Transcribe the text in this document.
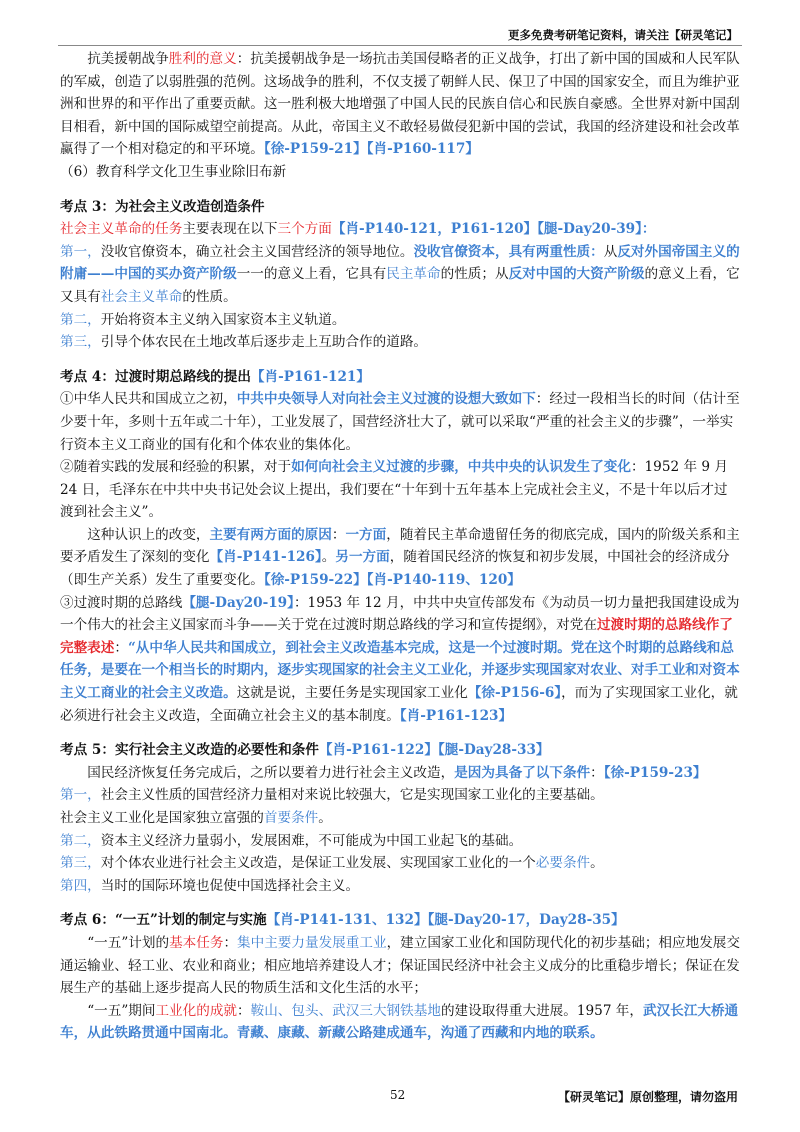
更多免费考研笔记资料，请关注【研灵笔记】

抗美援朝战争胜利的意义：抗美援朝战争是一场抗击美国侵略者的正义战争，打出了新中国的国威和人民军队的军威，创造了以弱胜强的范例。这场战争的胜利，不仅支援了朝鲜人民、保卫了中国的国家安全，而且为维护亚洲和世界的和平作出了重要贡献。这一胜利极大地增强了中国人民的民族自信心和民族自豪感。全世界对新中国刮目相看，新中国的国际威望空前提高。从此，帝国主义不敢轻易做侵犯新中国的尝试，我国的经济建设和社会改革赢得了一个相对稳定的和平环境。【徐-P159-21】【肖-P160-117】

（6）教育科学文化卫生事业除旧布新

考点 3：为社会主义改造创造条件

社会主义革命的任务主要表现在以下三个方面【肖-P140-121，P161-120】【腿-Day20-39】：

第一，没收官僚资本，确立社会主义国营经济的领导地位。没收官僚资本，具有两重性质：从反对外国帝国主义的附庸——中国的买办资产阶级一一的意义上看，它具有民主革命的性质；从反对中国的大资产阶级的意义上看，它又具有社会主义革命的性质。

第二，开始将资本主义纳入国家资本主义轨道。

第三，引导个体农民在土地改革后逐步走上互助合作的道路。

考点 4：过渡时期总路线的提出【肖-P161-121】

①中华人民共和国成立之初，中共中央领导人对向社会主义过渡的设想大致如下：经过一段相当长的时间（估计至少要十年，多则十五年或二十年），工业发展了，国营经济壮大了，就可以采取“严重的社会主义的步骤”，一举实行资本主义工商业的国有化和个体农业的集体化。

②随着实践的发展和经验的积累，对于如何向社会主义过渡的步骤，中共中央的认识发生了变化：1952 年 9 月 24 日，毛泽东在中共中央书记处会议上提出，我们要在“十年到十五年基本上完成社会主义，不是十年以后才过渡到社会主义”。

这种认识上的改变，主要有两方面的原因：一方面，随着民主革命遗留任务的彻底完成，国内的阶级关系和主要矛盾发生了深刻的变化【肖-P141-126】。另一方面，随着国民经济的恢复和初步发展，中国社会的经济成分（即生产关系）发生了重要变化。【徐-P159-22】【肖-P140-119、120】

③过渡时期的总路线【腿-Day20-19】：1953 年 12 月，中共中央宣传部发布《为动员一切力量把我国建设成为一个伟大的社会主义国家而斗争——关于党在过渡时期总路线的学习和宣传提纲》，对党在过渡时期的总路线作了完整表述：“从中华人民共和国成立，到社会主义改造基本完成，这是一个过渡时期。党在这个时期的总路线和总任务，是要在一个相当长的时期内，逐步实现国家的社会主义工业化，并逐步实现国家对农业、对手工业和对资本主义工商业的社会主义改造。这就是说，主要任务是实现国家工业化【徐-P156-6】，而为了实现国家工业化，就必须进行社会主义改造，全面确立社会主义的基本制度。【肖-P161-123】

考点 5：实行社会主义改造的必要性和条件【肖-P161-122】【腿-Day28-33】

国民经济恢复任务完成后，之所以要着力进行社会主义改造，是因为具备了以下条件：【徐-P159-23】

第一，社会主义性质的国营经济力量相对来说比较强大，它是实现国家工业化的主要基础。

社会主义工业化是国家独立富强的首要条件。

第二，资本主义经济力量弱小，发展困难，不可能成为中国工业起飞的基础。

第三，对个体农业进行社会主义改造，是保证工业发展、实现国家工业化的一个必要条件。

第四，当时的国际环境也促使中国选择社会主义。

考点 6：“一五”计划的制定与实施【肖-P141-131、132】【腿-Day20-17，Day28-35】

“一五”计划的基本任务：集中主要力量发展重工业，建立国家工业化和国防现代化的初步基础；相应地发展交通运输业、轻工业、农业和商业；相应地培养建设人才；保证国民经济中社会主义成分的比重稳步增长；保证在发展生产的基础上逐步提高人民的物质生活和文化生活的水平；

“一五”期间工业化的成就：鞍山、包头、武汉三大钢铁基地的建设取得重大进展。1957 年，武汉长江大桥通车，从此铁路贯通中国南北。青藏、康藏、新藏公路建成通车，沟通了西藏和内地的联系。

52	【研灵笔记】原创整理，请勿盗用
